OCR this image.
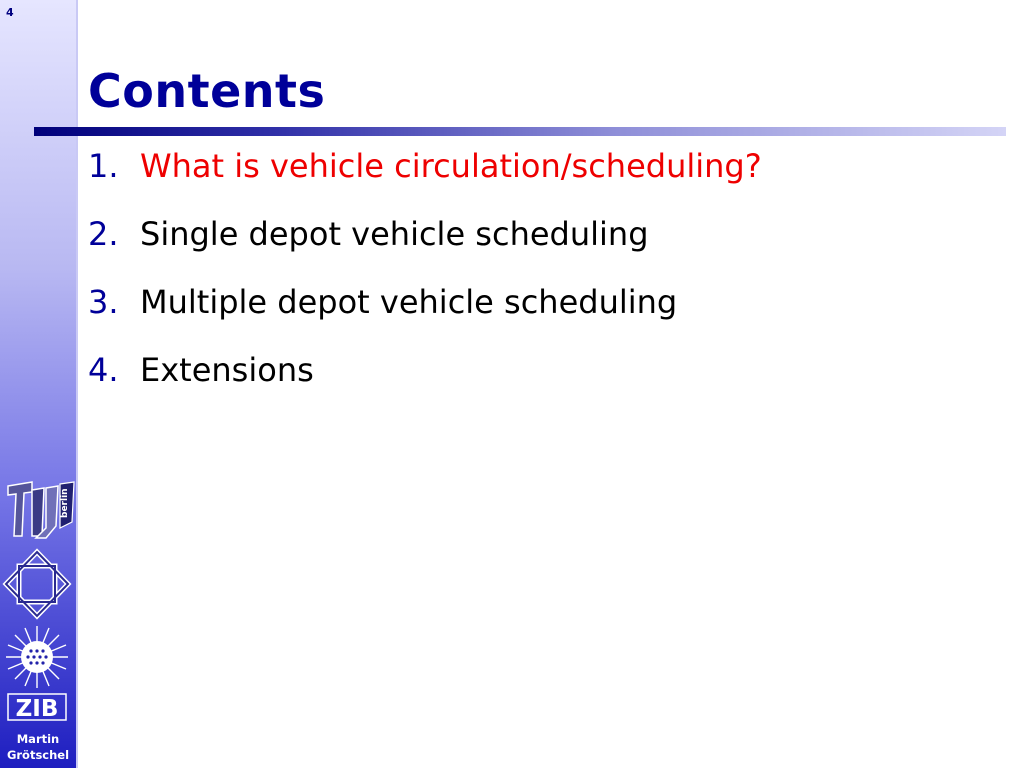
4
berlin
ZIB
Martin
Grötschel
Contents
1. What is vehicle circulation/scheduling?
2. Single depot vehicle scheduling
3. Multiple depot vehicle scheduling
4. Extensions
